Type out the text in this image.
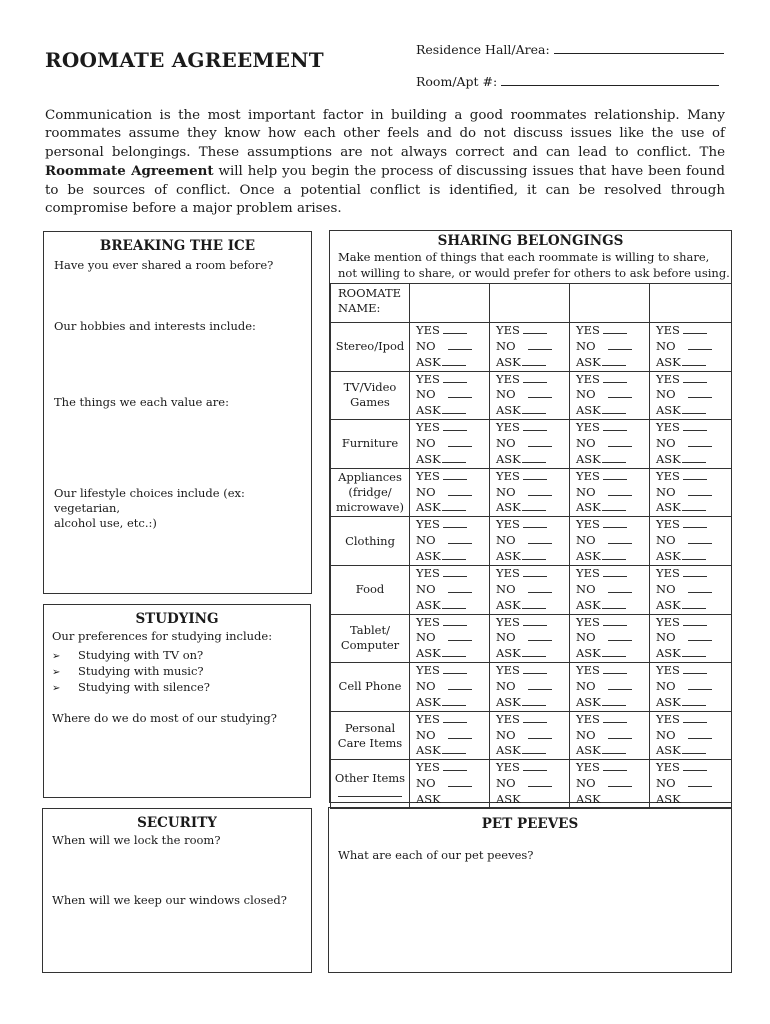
ROOMATE AGREEMENT	Residence Hall/Area:
Room/Apt #:
Communication is the most important factor in building a good roommates relationship. Many roommates assume they know how each other feels and do not discuss issues like the use of personal belongings. These assumptions are not always correct and can lead to conflict. The Roommate Agreement will help you begin the process of discussing issues that have been found to be sources of conflict. Once a potential conflict is identified, it can be resolved through compromise before a major problem arises.
BREAKING THE ICE
Have you ever shared a room before?
Our hobbies and interests include:
The things we each value are:
Our lifestyle choices include (ex: vegetarian,
alcohol use, etc.:)
STUDYING
Our preferences for studying include:
Where do we do most of our studying?
➢ Studying with TV on?
➢ Studying with music?
➢ Studying with silence?
SECURITY
When will we lock the room?
When will we keep our windows closed?
PET PEEVES
What are each of our pet peeves?
SHARING BELONGINGS
Make mention of things that each roommate is willing to share, not willing to share, or would prefer for others to ask before using.
ROOMATE
NAME:				
Stereo/Ipod	YES
NO
ASK	YES
NO
ASK	YES
NO
ASK	YES
NO
ASK

TV/Video
Games	YES
NO
ASK	YES
NO
ASK	YES
NO
ASK	YES
NO
ASK

Furniture	YES
NO
ASK	YES
NO
ASK	YES
NO
ASK	YES
NO
ASK

Appliances
(fridge/
microwave)	YES
NO
ASK	YES
NO
ASK	YES
NO
ASK	YES
NO
ASK

Clothing	YES
NO
ASK	YES
NO
ASK	YES
NO
ASK	YES
NO
ASK

Food	YES
NO
ASK	YES
NO
ASK	YES
NO
ASK	YES
NO
ASK

Tablet/
Computer	YES
NO
ASK	YES
NO
ASK	YES
NO
ASK	YES
NO
ASK

Cell Phone	YES
NO
ASK	YES
NO
ASK	YES
NO
ASK	YES
NO
ASK

Personal
Care Items	YES
NO
ASK	YES
NO
ASK	YES
NO
ASK	YES
NO
ASK

Other Items	YES
NO
ASK	YES
NO
ASK	YES
NO
ASK	YES
NO
ASK
